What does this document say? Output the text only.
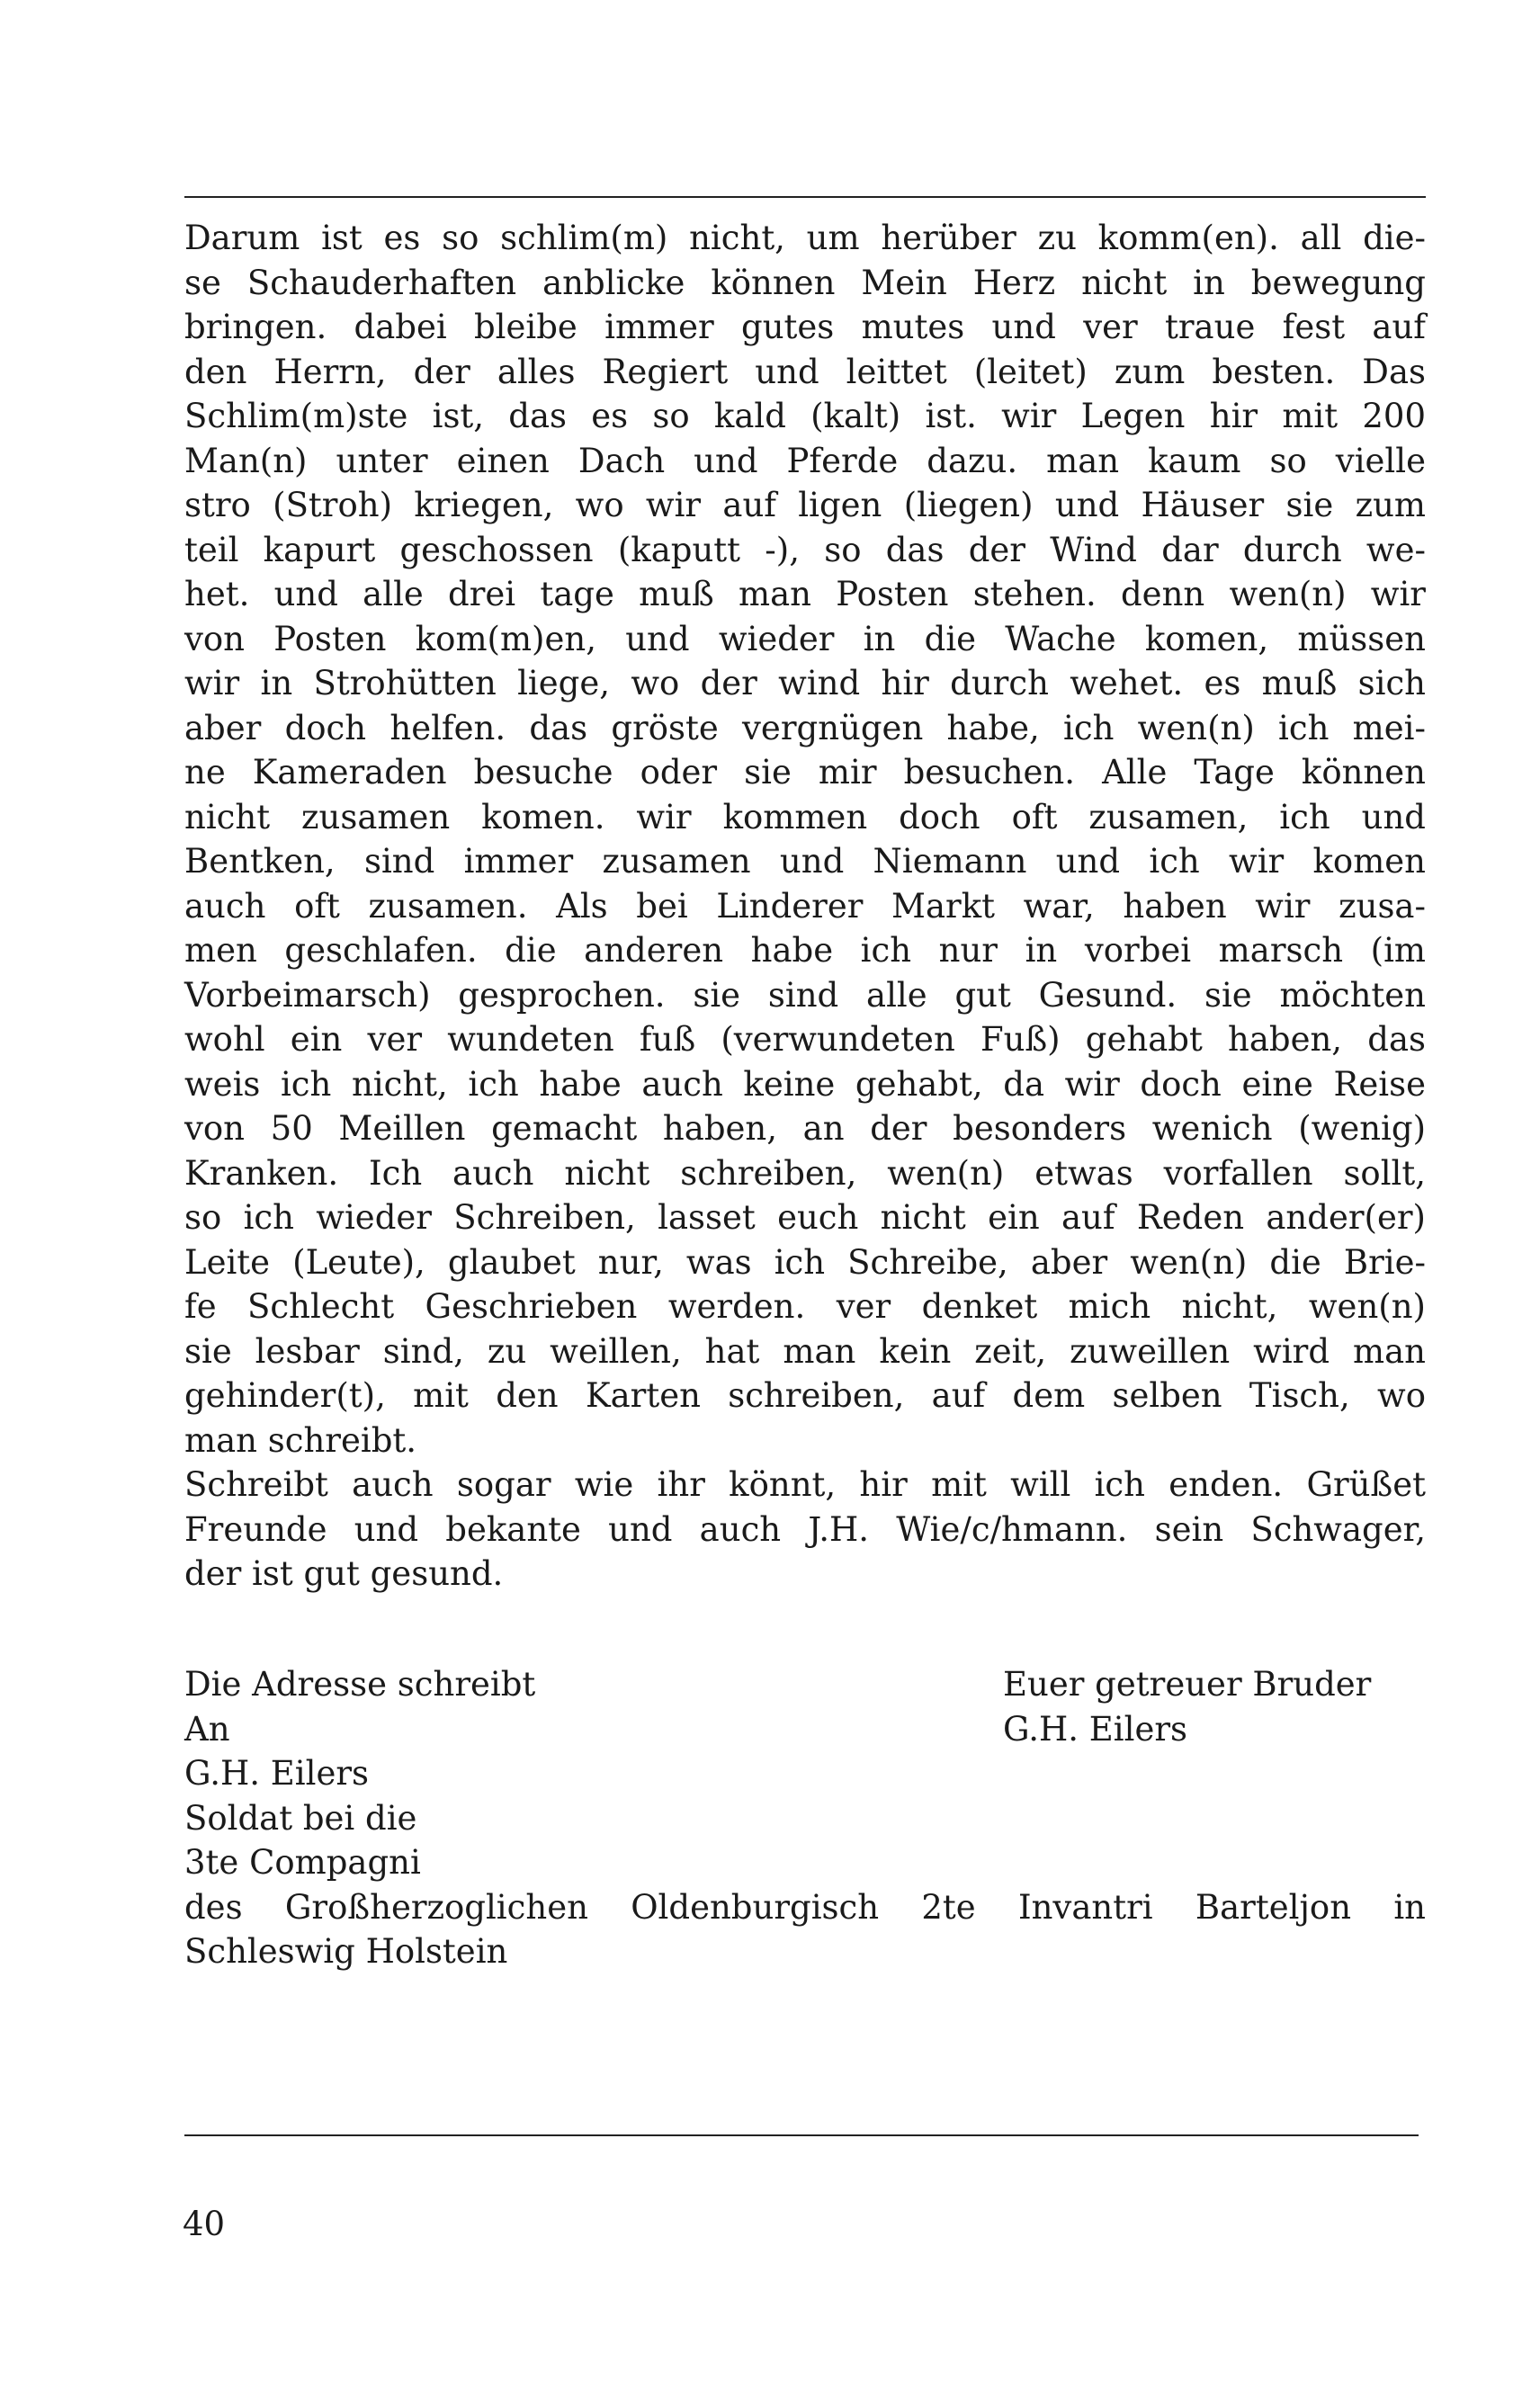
Darum ist es so schlim(m) nicht, um herüber zu komm(en). all die-
se Schauderhaften anblicke können Mein Herz nicht in bewegung
bringen. dabei bleibe immer gutes mutes und ver traue fest auf
den Herrn, der alles Regiert und leittet (leitet) zum besten. Das
Schlim(m)ste ist, das es so kald (kalt) ist. wir Legen hir mit 200
Man(n) unter einen Dach und Pferde dazu. man kaum so vielle
stro (Stroh) kriegen, wo wir auf ligen (liegen) und Häuser sie zum
teil kapurt geschossen (kaputt -), so das der Wind dar durch we-
het. und alle drei tage muß man Posten stehen. denn wen(n) wir
von Posten kom(m)en, und wieder in die Wache komen, müssen
wir in Strohütten liege, wo der wind hir durch wehet. es muß sich
aber doch helfen. das gröste vergnügen habe, ich wen(n) ich mei-
ne Kameraden besuche oder sie mir besuchen. Alle Tage können
nicht zusamen komen. wir kommen doch oft zusamen, ich und
Bentken, sind immer zusamen und Niemann und ich wir komen
auch oft zusamen. Als bei Linderer Markt war, haben wir zusa-
men geschlafen. die anderen habe ich nur in vorbei marsch (im
Vorbeimarsch) gesprochen. sie sind alle gut Gesund. sie möchten
wohl ein ver wundeten fuß (verwundeten Fuß) gehabt haben, das
weis ich nicht, ich habe auch keine gehabt, da wir doch eine Reise
von 50 Meillen gemacht haben, an der besonders wenich (wenig)
Kranken. Ich auch nicht schreiben, wen(n) etwas vorfallen sollt,
so ich wieder Schreiben, lasset euch nicht ein auf Reden ander(er)
Leite (Leute), glaubet nur, was ich Schreibe, aber wen(n) die Brie-
fe Schlecht Geschrieben werden. ver denket mich nicht, wen(n)
sie lesbar sind, zu weillen, hat man kein zeit, zuweillen wird man
gehinder(t), mit den Karten schreiben, auf dem selben Tisch, wo
man schreibt.
Schreibt auch sogar wie ihr könnt, hir mit will ich enden. Grüßet
Freunde und bekante und auch J.H. Wie/c/hmann. sein Schwager,
der ist gut gesund.
Die Adresse schreibt
An
G.H. Eilers
Soldat bei die
3te Compagni
Euer getreuer Bruder
G.H. Eilers
des Großherzoglichen Oldenburgisch 2te Invantri Barteljon in
Schleswig Holstein
40
